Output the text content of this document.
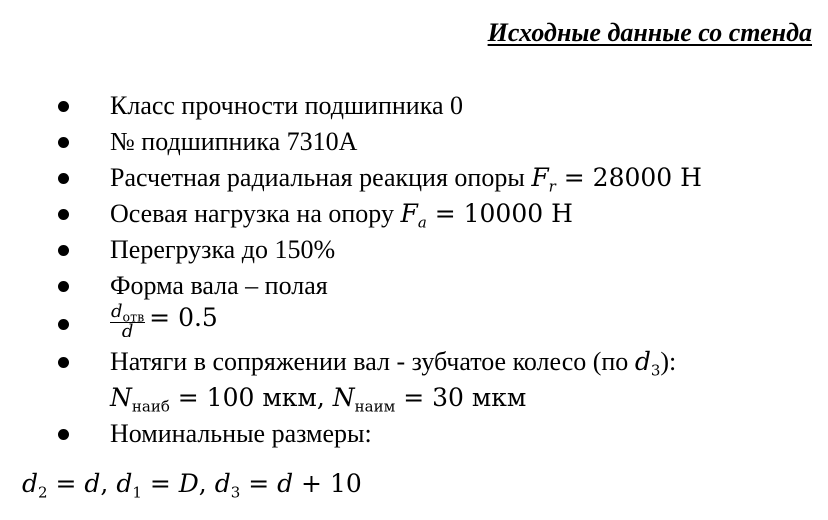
Исходные данные со стенда
Класс прочности подшипника 0
№ подшипника 7310А
Расчетная радиальная реакция опоры $F_r = 28000$ Н
Осевая нагрузка на опору $F_a = 10000$ Н
Перегрузка до 150%
Форма вала – полая
$\frac{d_{отв}}{d} = 0.5$
Натяги в сопряжении вал - зубчатое колесо (по $d_3$):
$N_{наиб} = 100$ мкм, $N_{наим} = 30$ мкм
Номинальные размеры:
$d_2 = d$, $d_1 = D$, $d_3 = d + 10$
